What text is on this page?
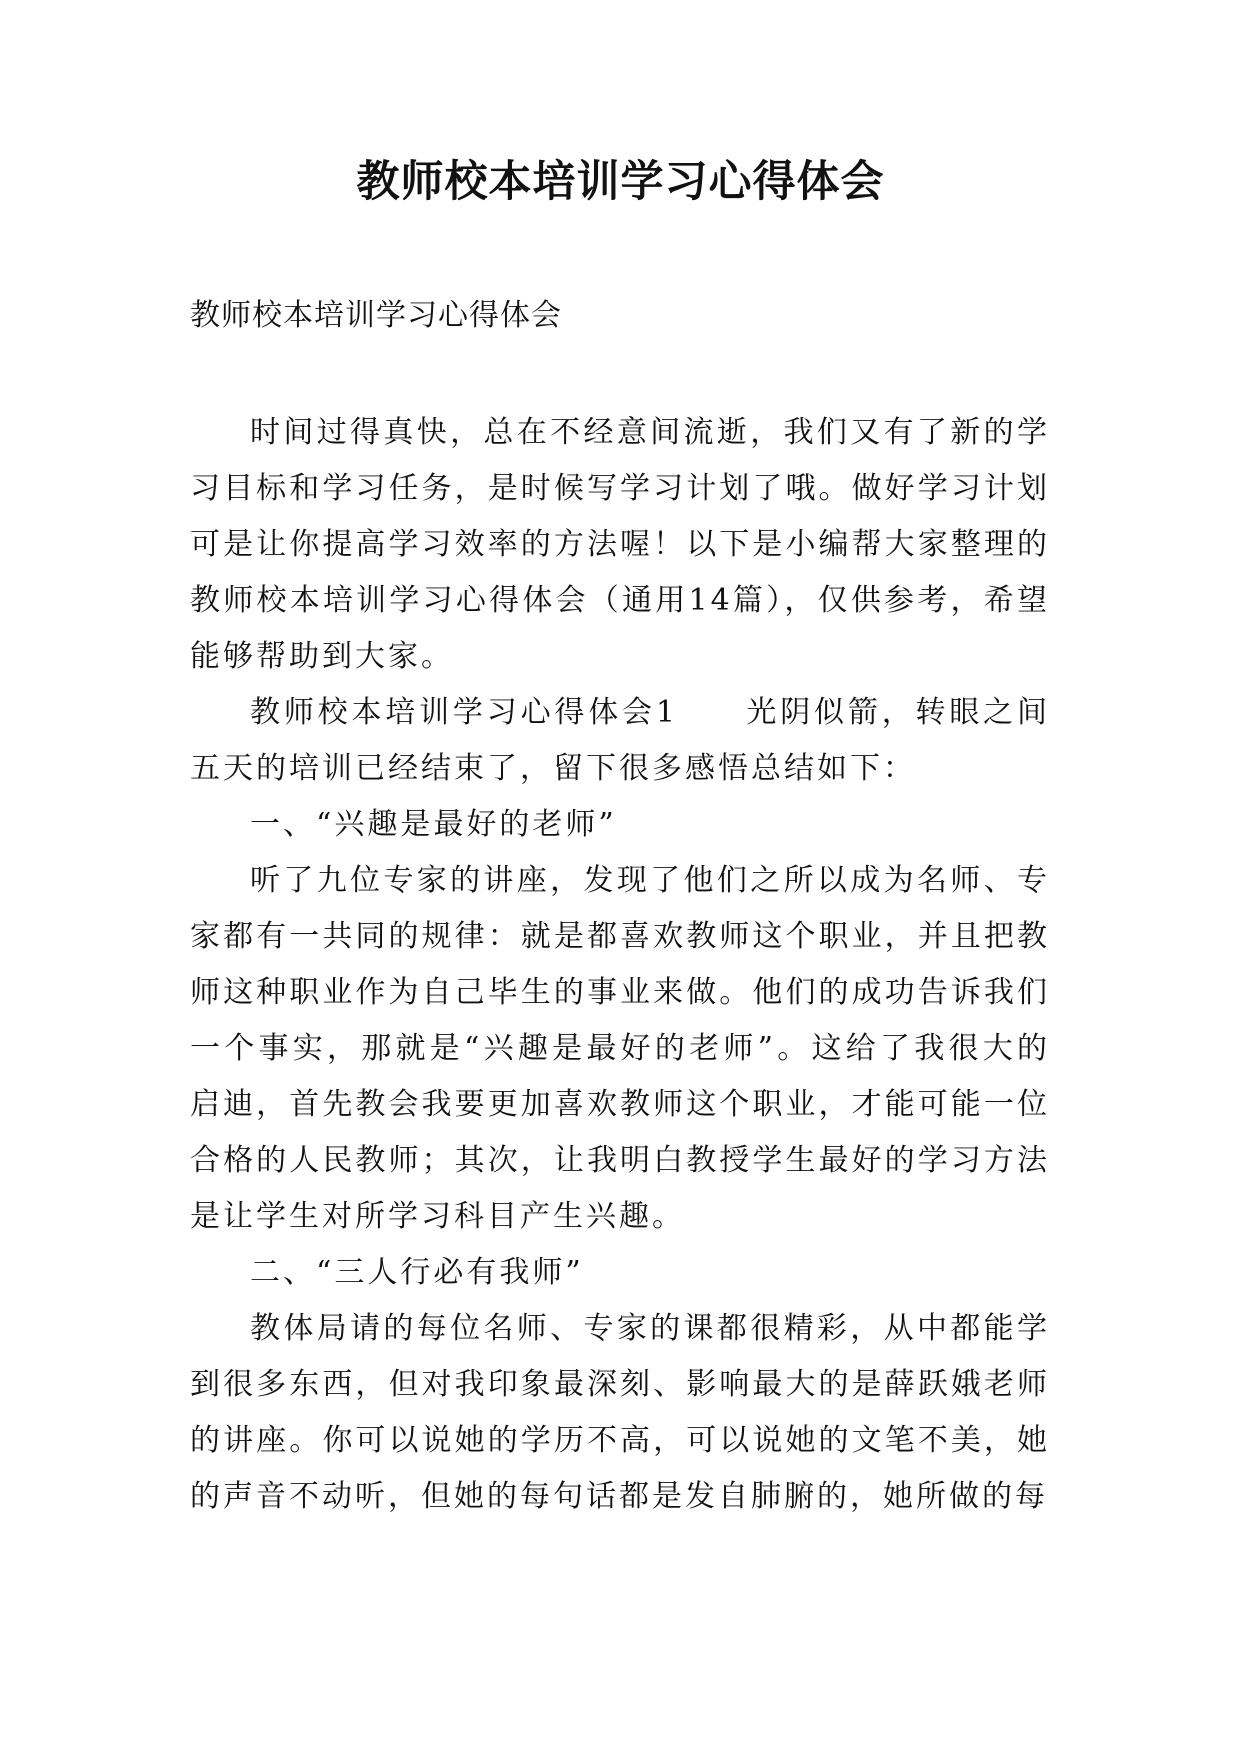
教师校本培训学习心得体会
教师校本培训学习心得体会

时间过得真快，总在不经意间流逝，我们又有了新的学习目标和学习任务，是时候写学习计划了哦。做好学习计划可是让你提高学习效率的方法喔！以下是小编帮大家整理的教师校本培训学习心得体会（通用14篇），仅供参考，希望能够帮助到大家。

教师校本培训学习心得体会1　　光阴似箭，转眼之间五天的培训已经结束了，留下很多感悟总结如下：

一、“兴趣是最好的老师”

听了九位专家的讲座，发现了他们之所以成为名师、专家都有一共同的规律：就是都喜欢教师这个职业，并且把教师这种职业作为自己毕生的事业来做。他们的成功告诉我们一个事实，那就是“兴趣是最好的老师”。这给了我很大的启迪，首先教会我要更加喜欢教师这个职业，才能可能一位合格的人民教师；其次，让我明白教授学生最好的学习方法是让学生对所学习科目产生兴趣。

二、“三人行必有我师”

教体局请的每位名师、专家的课都很精彩，从中都能学到很多东西，但对我印象最深刻、影响最大的是薛跃娥老师的讲座。你可以说她的学历不高，可以说她的文笔不美，她的声音不动听，但她的每句话都是发自肺腑的，她所做的每
